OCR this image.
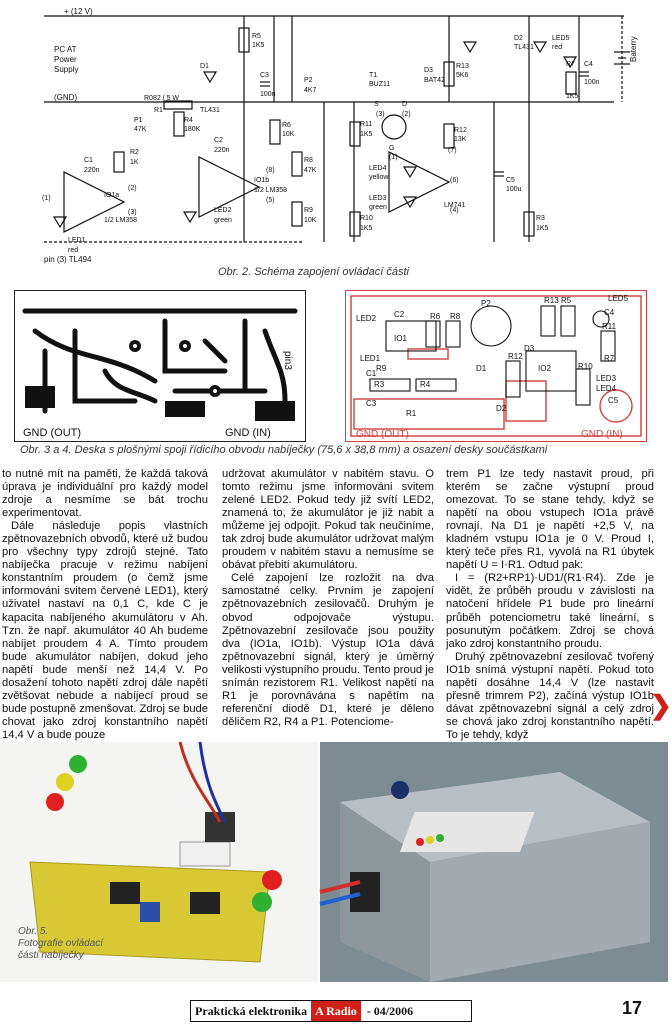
+ (12 V)
PC AT
Power
Supply
(GND)
pin (3) TL494
Baterry
R5
1K5
D1
TL431
C3
100n
P2
4K7
T1
BUZ11
S	D
(3) (2)
G
(1)
R13
5K6
D3
BAT42
D2
TL431
LED5
red
R7
1K5
C4
100n
R082 / 5 W
R1
P1
47K
R2
1K
R4
180K
C2
220n
R6
10K
R8
47K
R9
10K
R11
1K5
LED4
yellow
LED3
green
R10
1K5
R12
13K
C5
100u
R3
1K5
C1
220n
LED1
red
IO1a
1/2 LM358
IO1b
1/2 LM358
LED2
green
LM741
(7)
(6)
(4)
(2)
(3)
(1)
(8)
(5)
Obr. 2. Schéma zapojení ovládací části
GND (OUT)	GND (IN)
pin3
P2	R5
C2	R6 R8
IO1
R13
R11
C4
LED5
R7
LED2
LED1
C1
R3	R4
R9	D1
D3
R12
IO2	R10
LED4
LED3
R1
D2
C5
C3
GND (OUT)	GND (IN)
Obr. 3 a 4. Deska s plošnými spoji řídicího obvodu nabíječky (75,6 x 38,8 mm) a osazení desky součástkami

to nutné mít na paměti, že každá taková úprava je individuální pro každý model zdroje a nesmíme se bát trochu experimentovat.

Dále následuje popis vlastních zpětnovazebních obvodů, které už budou pro všechny typy zdrojů stejné. Tato nabíječka pracuje v režimu nabíjení konstantním proudem (o čemž jsme informováni svitem červené LED1), který uživatel nastaví na 0,1 C, kde C je kapacita nabíjeného akumulátoru v Ah. Tzn. že např. akumulátor 40 Ah budeme nabíjet proudem 4 A. Tímto proudem bude akumulátor nabíjen, dokud jeho napětí bude menší než 14,4 V. Po dosažení tohoto napětí zdroj dále napětí zvětšovat nebude a nabíjecí proud se bude postupně zmenšovat. Zdroj se bude chovat jako zdroj konstantního napětí 14,4 V a bude pouze

udržovat akumulátor v nabitém stavu. O tomto režimu jsme informováni svitem zelené LED2. Pokud tedy již svítí LED2, znamená to, že akumulátor je již nabit a můžeme jej odpojit. Pokud tak neučiníme, tak zdroj bude akumulátor udržovat malým proudem v nabitém stavu a nemusíme se obávat přebití akumulátoru.

Celé zapojení lze rozložit na dva samostatné celky. Prvním je zapojení zpětnovazebních zesilovačů. Druhým je obvod odpojovače výstupu. Zpětnovazební zesilovače jsou použity dva (IO1a, IO1b). Výstup IO1a dává zpětnovazební signál, který je úměrný velikosti výstupního proudu. Tento proud je snímán rezistorem R1. Velikost napětí na R1 je porovnávána s napětím na referenční diodě D1, které je děleno děličem R2, R4 a P1. Potenciome-

trem P1 lze tedy nastavit proud, při kterém se začne výstupní proud omezovat. To se stane tehdy, když se napětí na obou vstupech IO1a právě rovnají. Na D1 je napětí +2,5 V, na kladném vstupu IO1a je 0 V. Proud I, který teče přes R1, vyvolá na R1 úbytek napětí U = I·R1. Odtud pak:

I = (R2+RP1)·UD1/(R1·R4). Zde je vidět, že průběh proudu v závislosti na natočení hřídele P1 bude pro lineární průběh potenciometru také lineární, s posunutým počátkem. Zdroj se chová jako zdroj konstantního proudu.

Druhý zpětnovazební zesilovač tvořený IO1b snímá výstupní napětí. Pokud toto napětí dosáhne 14,4 V (lze nastavit přesně trimrem P2), začíná výstup IO1b dávat zpětnovazební signál a celý zdroj se chová jako zdroj konstantního napětí. To je tehdy, když

❯
Obr. 5.
Fotografie ovládací
části nabíječky
Praktická elektronika A Radio - 04/2006	17
